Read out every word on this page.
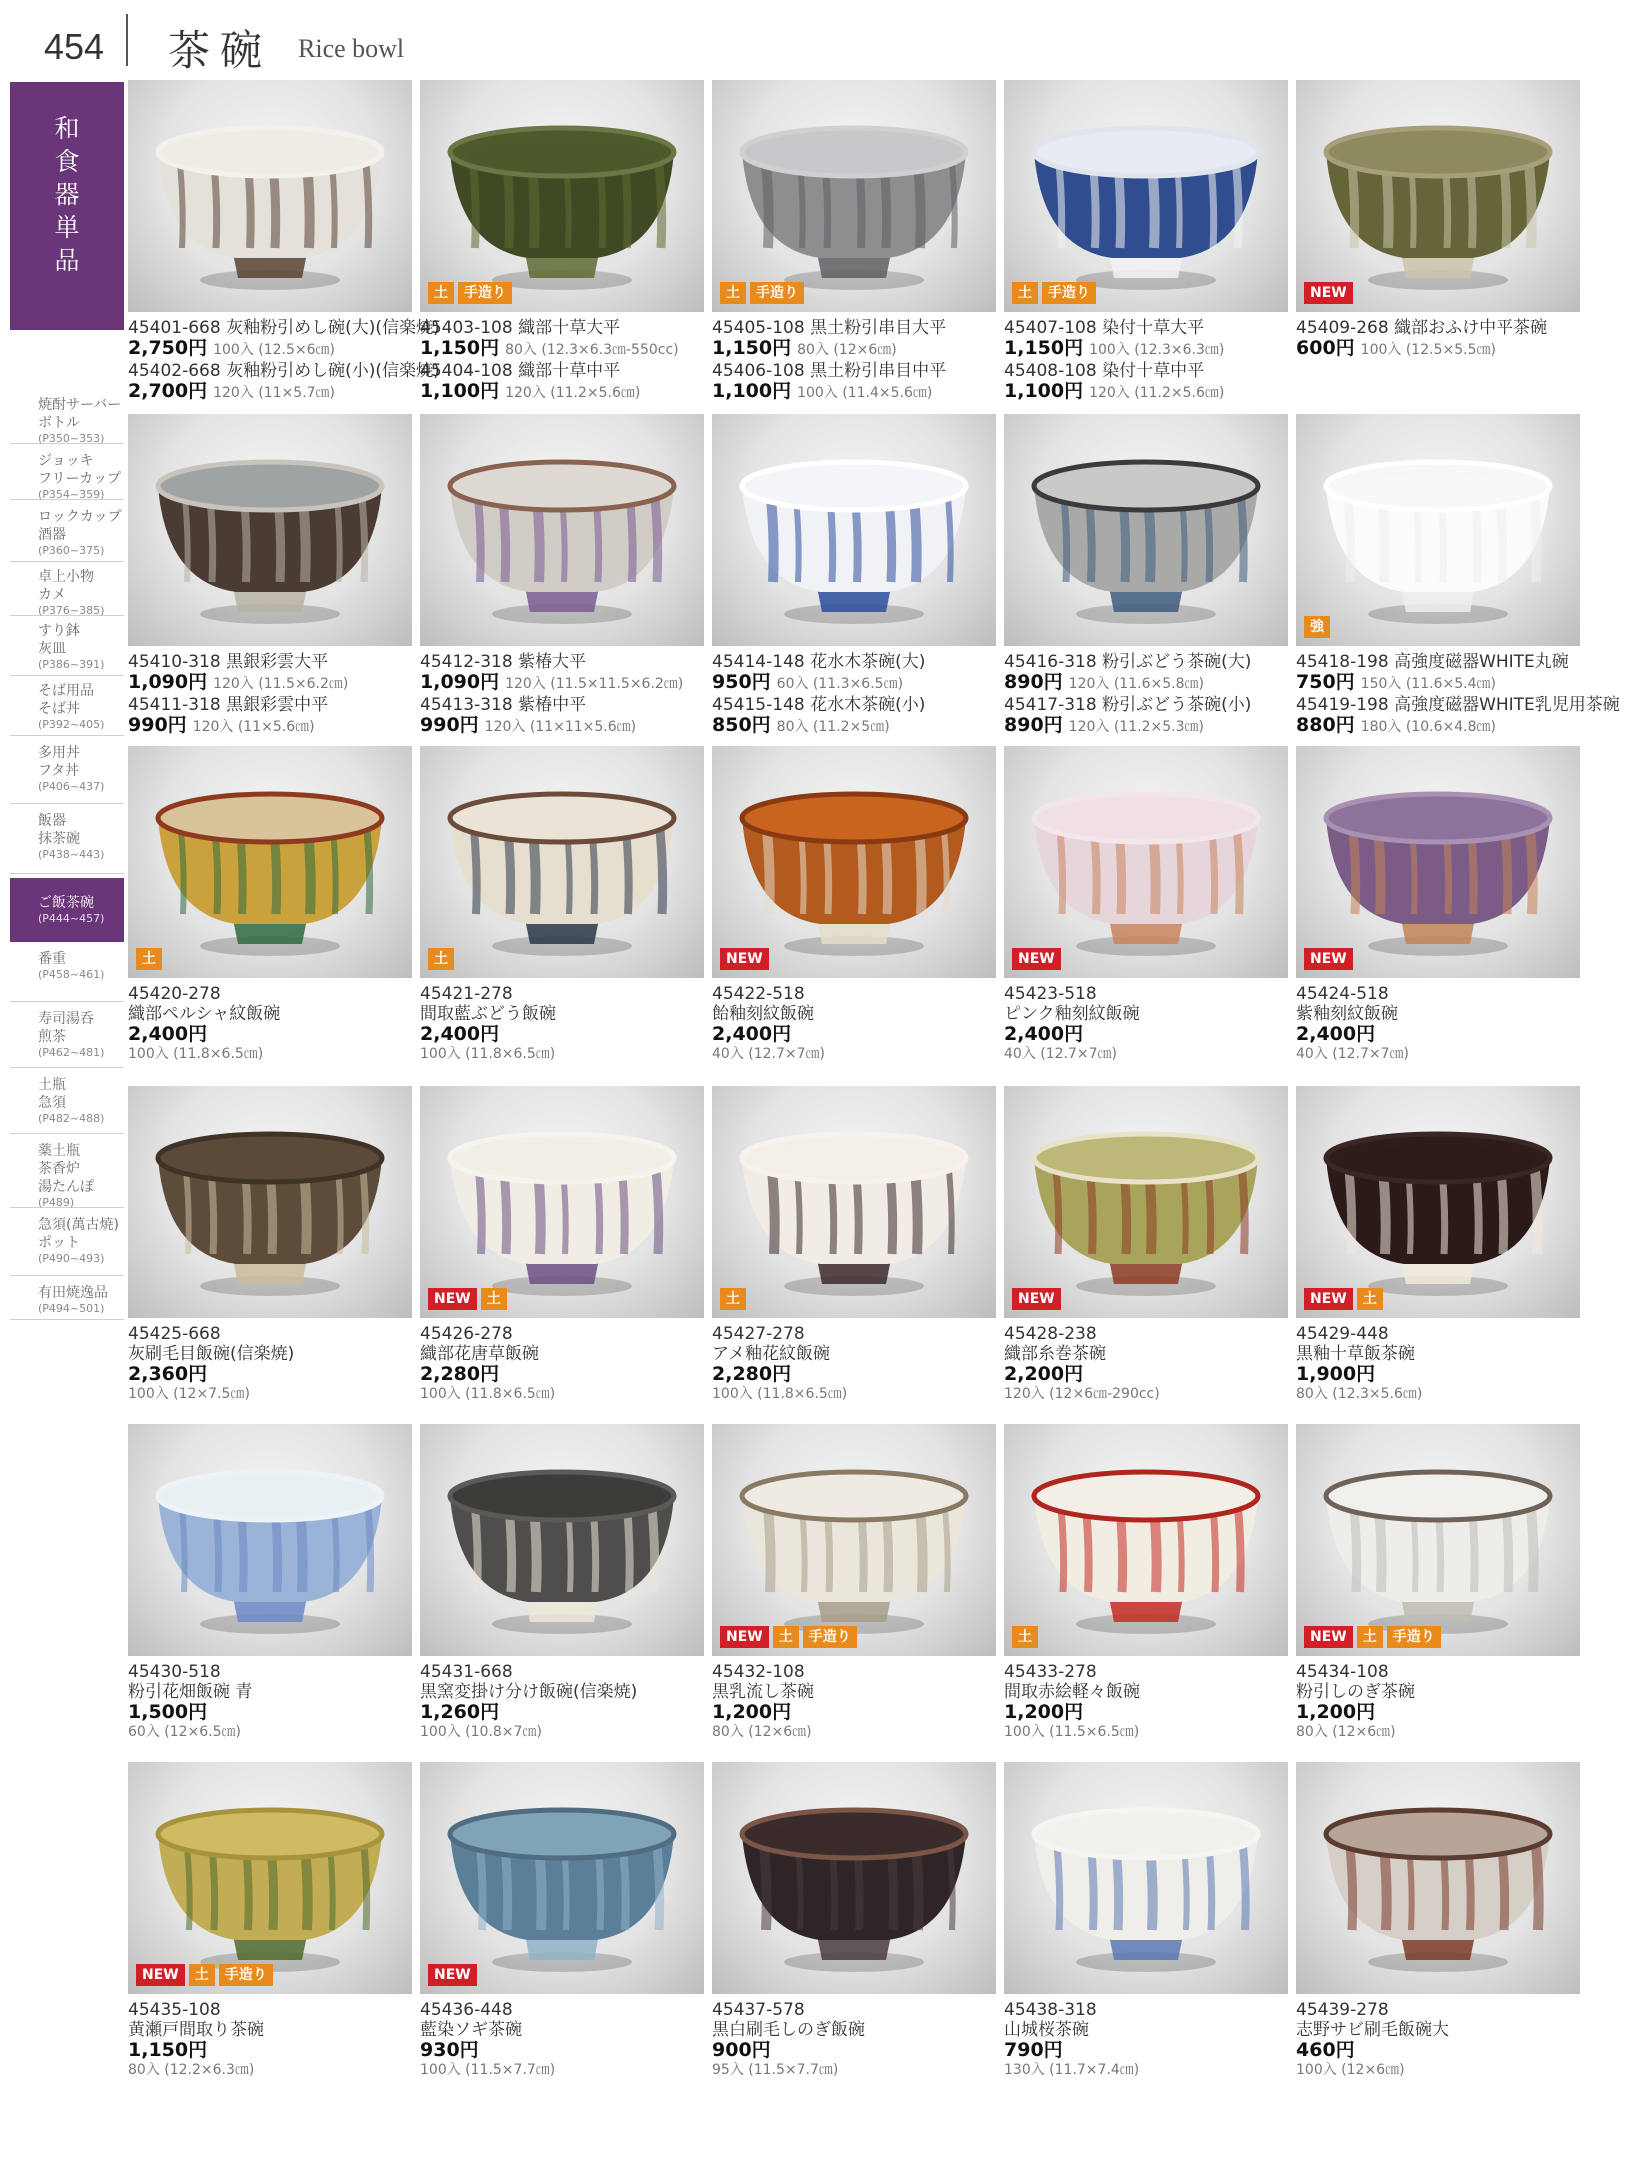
454 茶碗 Rice bowl
和
食
器
単
品
焼酎サーバー
ボトル
(P350~353)
ジョッキ
フリーカップ
(P354~359)
ロックカップ
酒器
(P360~375)
卓上小物
カメ
(P376~385)
すり鉢
灰皿
(P386~391)
そば用品
そば丼
(P392~405)
多用丼
フタ丼
(P406~437)
飯器
抹茶碗
(P438~443)
ご飯茶碗
(P444~457)
番重
(P458~461)
寿司湯呑
煎茶
(P462~481)
土瓶
急須
(P482~488)
薬土瓶
茶香炉
湯たんぽ
(P489)
急須(萬古焼)
ポット
(P490~493)
有田焼逸品
(P494~501)
45401-668 灰釉粉引めし碗(大)(信楽焼)
2,750円 100入 (12.5×6㎝)
45402-668 灰釉粉引めし碗(小)(信楽焼)
2,700円 120入 (11×5.7㎝)
土	手造り
45403-108 織部十草大平
1,150円 80入 (12.3×6.3㎝-550cc)
45404-108 織部十草中平
1,100円 120入 (11.2×5.6㎝)
土	手造り
45405-108 黒土粉引串目大平
1,150円 80入 (12×6㎝)
45406-108 黒土粉引串目中平
1,100円 100入 (11.4×5.6㎝)
土	手造り
45407-108 染付十草大平
1,150円 100入 (12.3×6.3㎝)
45408-108 染付十草中平
1,100円 120入 (11.2×5.6㎝)
NEW
45409-268 織部おふけ中平茶碗
600円 100入 (12.5×5.5㎝)
45410-318 黒銀彩雲大平
1,090円 120入 (11.5×6.2㎝)
45411-318 黒銀彩雲中平
990円 120入 (11×5.6㎝)
45412-318 紫椿大平
1,090円 120入 (11.5×11.5×6.2㎝)
45413-318 紫椿中平
990円 120入 (11×11×5.6㎝)
45414-148 花水木茶碗(大)
950円 60入 (11.3×6.5㎝)
45415-148 花水木茶碗(小)
850円 80入 (11.2×5㎝)
45416-318 粉引ぶどう茶碗(大)
890円 120入 (11.6×5.8㎝)
45417-318 粉引ぶどう茶碗(小)
890円 120入 (11.2×5.3㎝)
強
45418-198 高強度磁器WHITE丸碗
750円 150入 (11.6×5.4㎝)
45419-198 高強度磁器WHITE乳児用茶碗
880円 180入 (10.6×4.8㎝)
土
45420-278
織部ペルシャ紋飯碗
2,400円
100入 (11.8×6.5㎝)
土
45421-278
間取藍ぶどう飯碗
2,400円
100入 (11.8×6.5㎝)
NEW
45422-518
飴釉刻紋飯碗
2,400円
40入 (12.7×7㎝)
NEW
45423-518
ピンク釉刻紋飯碗
2,400円
40入 (12.7×7㎝)
NEW
45424-518
紫釉刻紋飯碗
2,400円
40入 (12.7×7㎝)
45425-668
灰刷毛目飯碗(信楽焼)
2,360円
100入 (12×7.5㎝)
NEW	土
45426-278
織部花唐草飯碗
2,280円
100入 (11.8×6.5㎝)
土
45427-278
アメ釉花紋飯碗
2,280円
100入 (11.8×6.5㎝)
NEW
45428-238
織部糸巻茶碗
2,200円
120入 (12×6㎝-290cc)
NEW	土
45429-448
黒釉十草飯茶碗
1,900円
80入 (12.3×5.6㎝)
45430-518
粉引花畑飯碗 青
1,500円
60入 (12×6.5㎝)
45431-668
黒窯変掛け分け飯碗(信楽焼)
1,260円
100入 (10.8×7㎝)
NEW	土	手造り
45432-108
黒乳流し茶碗
1,200円
80入 (12×6㎝)
土
45433-278
間取赤絵軽々飯碗
1,200円
100入 (11.5×6.5㎝)
NEW	土	手造り
45434-108
粉引しのぎ茶碗
1,200円
80入 (12×6㎝)
NEW	土	手造り
45435-108
黄瀬戸間取り茶碗
1,150円
80入 (12.2×6.3㎝)
NEW
45436-448
藍染ソギ茶碗
930円
100入 (11.5×7.7㎝)
45437-578
黒白刷毛しのぎ飯碗
900円
95入 (11.5×7.7㎝)
45438-318
山城桜茶碗
790円
130入 (11.7×7.4㎝)
45439-278
志野サビ刷毛飯碗大
460円
100入 (12×6㎝)
